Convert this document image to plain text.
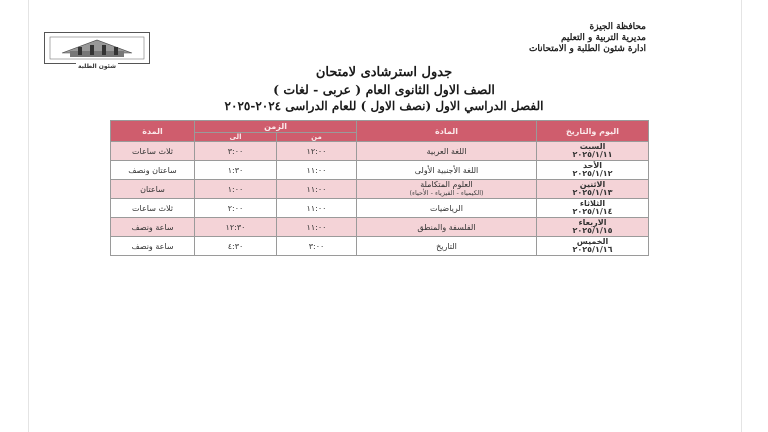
شئون الطلبة
محافظة الجيزة
مديرية التربية و التعليم
ادارة شئون الطلبة و الامتحانات
جدول استرشادى لامتحان
الصف الاول الثانوى العام ( عربى - لغات )
الفصل الدراسي الاول (نصف الاول ) للعام الدراسى ٢٠٢٤-٢٠٢٥
اليوم والتاريخ	المادة	الزمن		المدة
		من	الى	

السبت
٢٠٢٥/١/١١	اللغة العربية	١٢:٠٠	٣:٠٠	ثلاث ساعات

الأحد
٢٠٢٥/١/١٢	اللغة الأجنبية الأولى	١١:٠٠	١:٣٠	ساعتان ونصف

الاثنين
٢٠٢٥/١/١٣	العلوم المتكاملة
(الكيمياء - الفيزياء - الأحياء)	١١:٠٠	١:٠٠	ساعتان

الثلاثاء
٢٠٢٥/١/١٤	الرياضيات	١١:٠٠	٢:٠٠	ثلاث ساعات

الاربعاء
٢٠٢٥/١/١٥	الفلسفة والمنطق	١١:٠٠	١٢:٣٠	ساعة ونصف

الخميس
٢٠٢٥/١/١٦	التاريخ	٣:٠٠	٤:٣٠	ساعة ونصف
